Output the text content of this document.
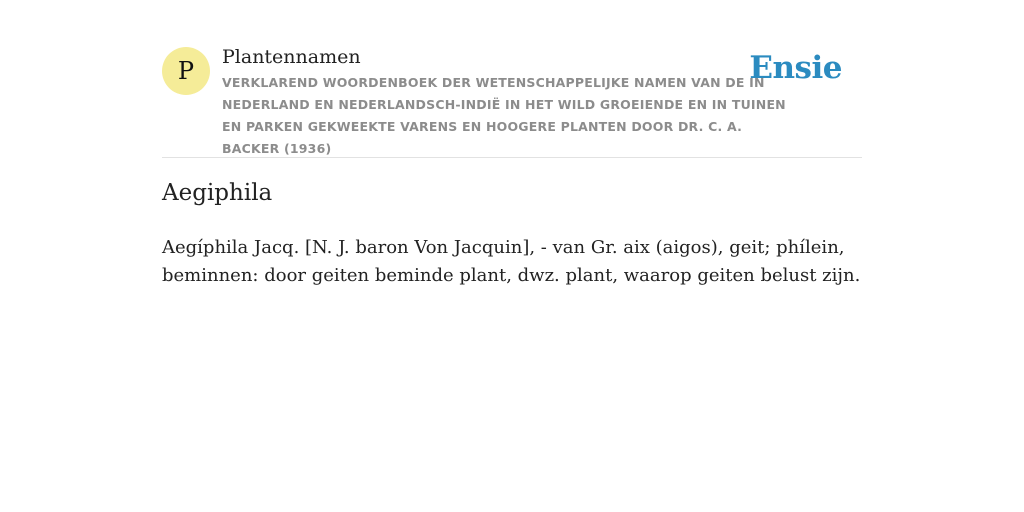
P	Plantennamen
VERKLAREND WOORDENBOEK DER WETENSCHAPPELIJKE NAMEN VAN DE IN NEDERLAND EN NEDERLANDSCH-INDIË IN HET WILD GROEIENDE EN IN TUINEN EN PARKEN GEKWEEKTE VARENS EN HOOGERE PLANTEN DOOR DR. C. A. BACKER (1936)
Ensie
Aegiphila

Aegíphila Jacq. [N. J. baron Von Jacquin], - van Gr. aix (aigos), geit; phílein, beminnen: door geiten beminde plant, dwz. plant, waarop geiten belust zijn.
